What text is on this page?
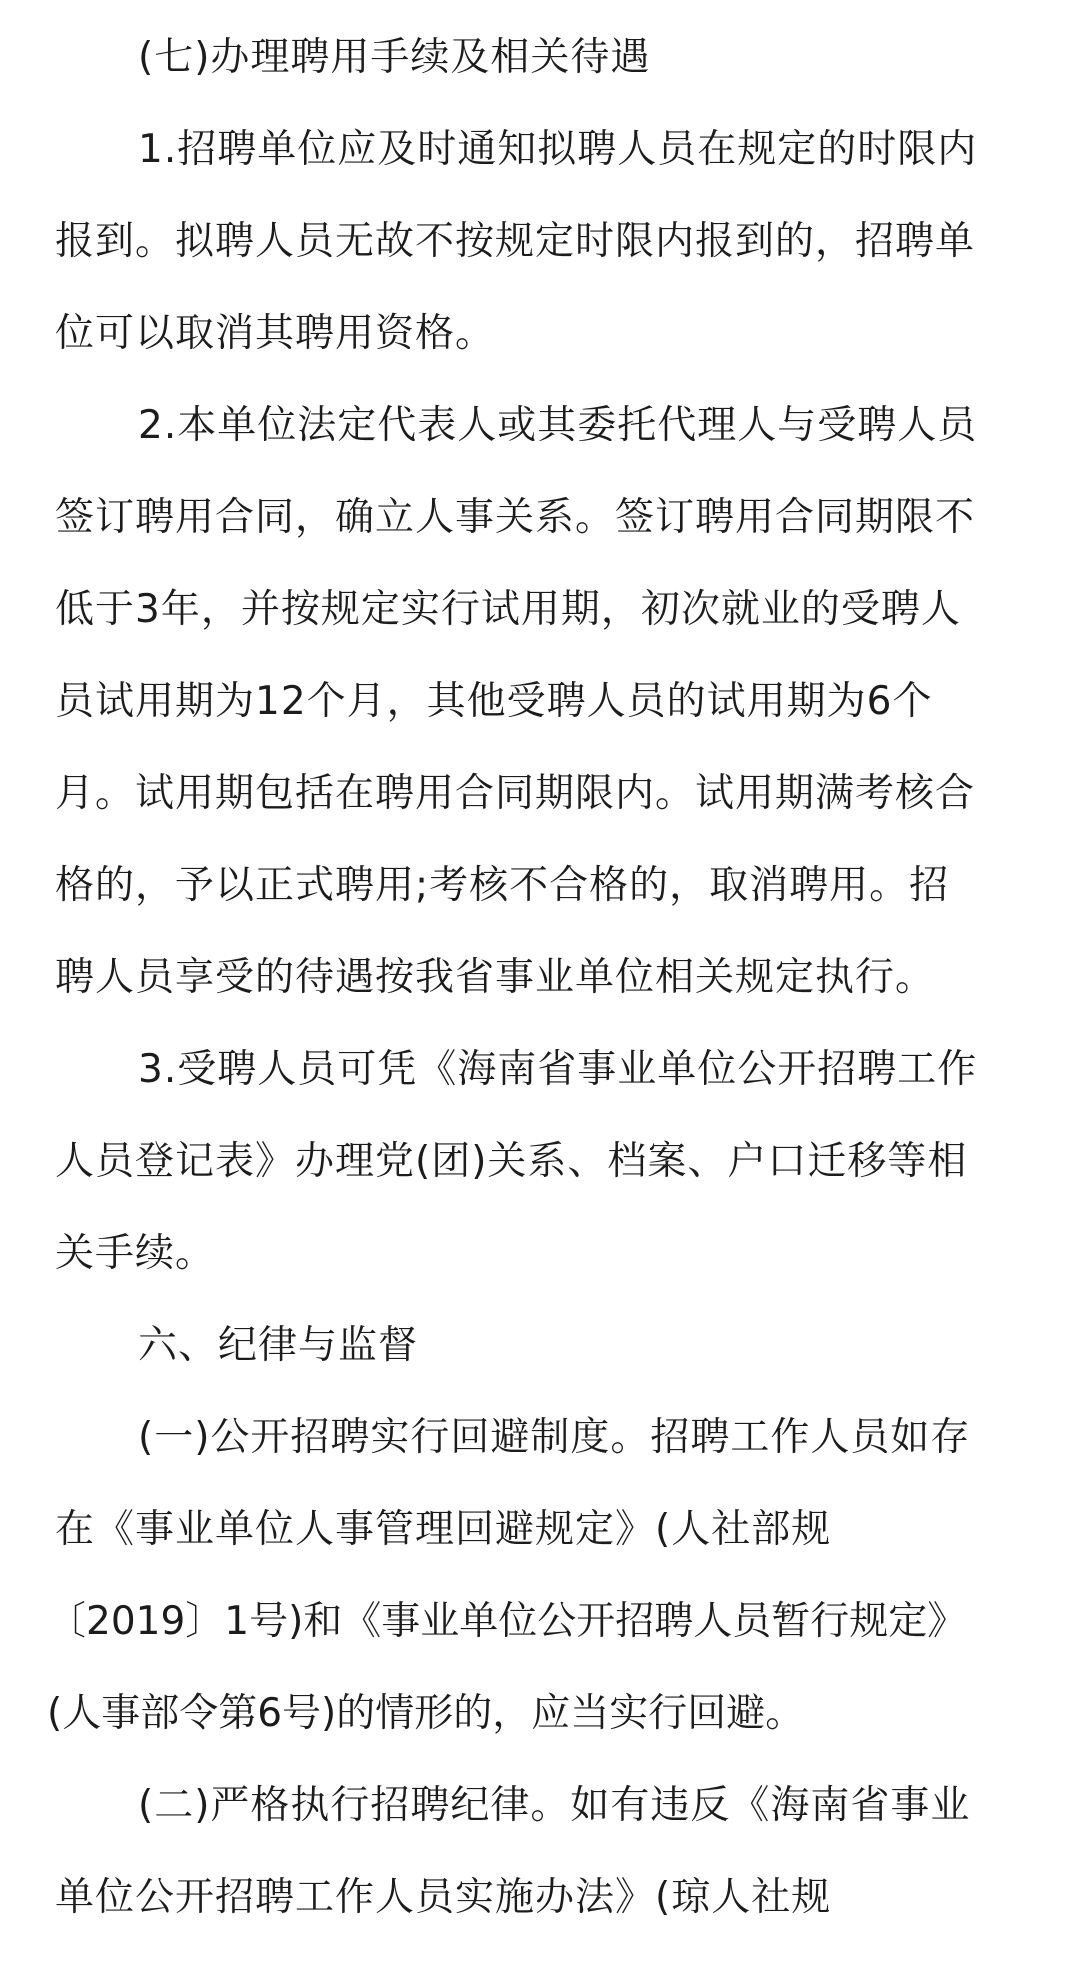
(七)办理聘用手续及相关待遇
1.招聘单位应及时通知拟聘人员在规定的时限内
报到。拟聘人员无故不按规定时限内报到的，招聘单
位可以取消其聘用资格。
2.本单位法定代表人或其委托代理人与受聘人员
签订聘用合同，确立人事关系。签订聘用合同期限不
低于3年，并按规定实行试用期，初次就业的受聘人
员试用期为12个月，其他受聘人员的试用期为6个
月。试用期包括在聘用合同期限内。试用期满考核合
格的，予以正式聘用;考核不合格的，取消聘用。招
聘人员享受的待遇按我省事业单位相关规定执行。
3.受聘人员可凭《海南省事业单位公开招聘工作
人员登记表》办理党(团)关系、档案、户口迁移等相
关手续。
六、纪律与监督
(一)公开招聘实行回避制度。招聘工作人员如存
在《事业单位人事管理回避规定》(人社部规
〔2019〕1号)和《事业单位公开招聘人员暂行规定》
(人事部令第6号)的情形的，应当实行回避。
(二)严格执行招聘纪律。如有违反《海南省事业
单位公开招聘工作人员实施办法》(琼人社规
